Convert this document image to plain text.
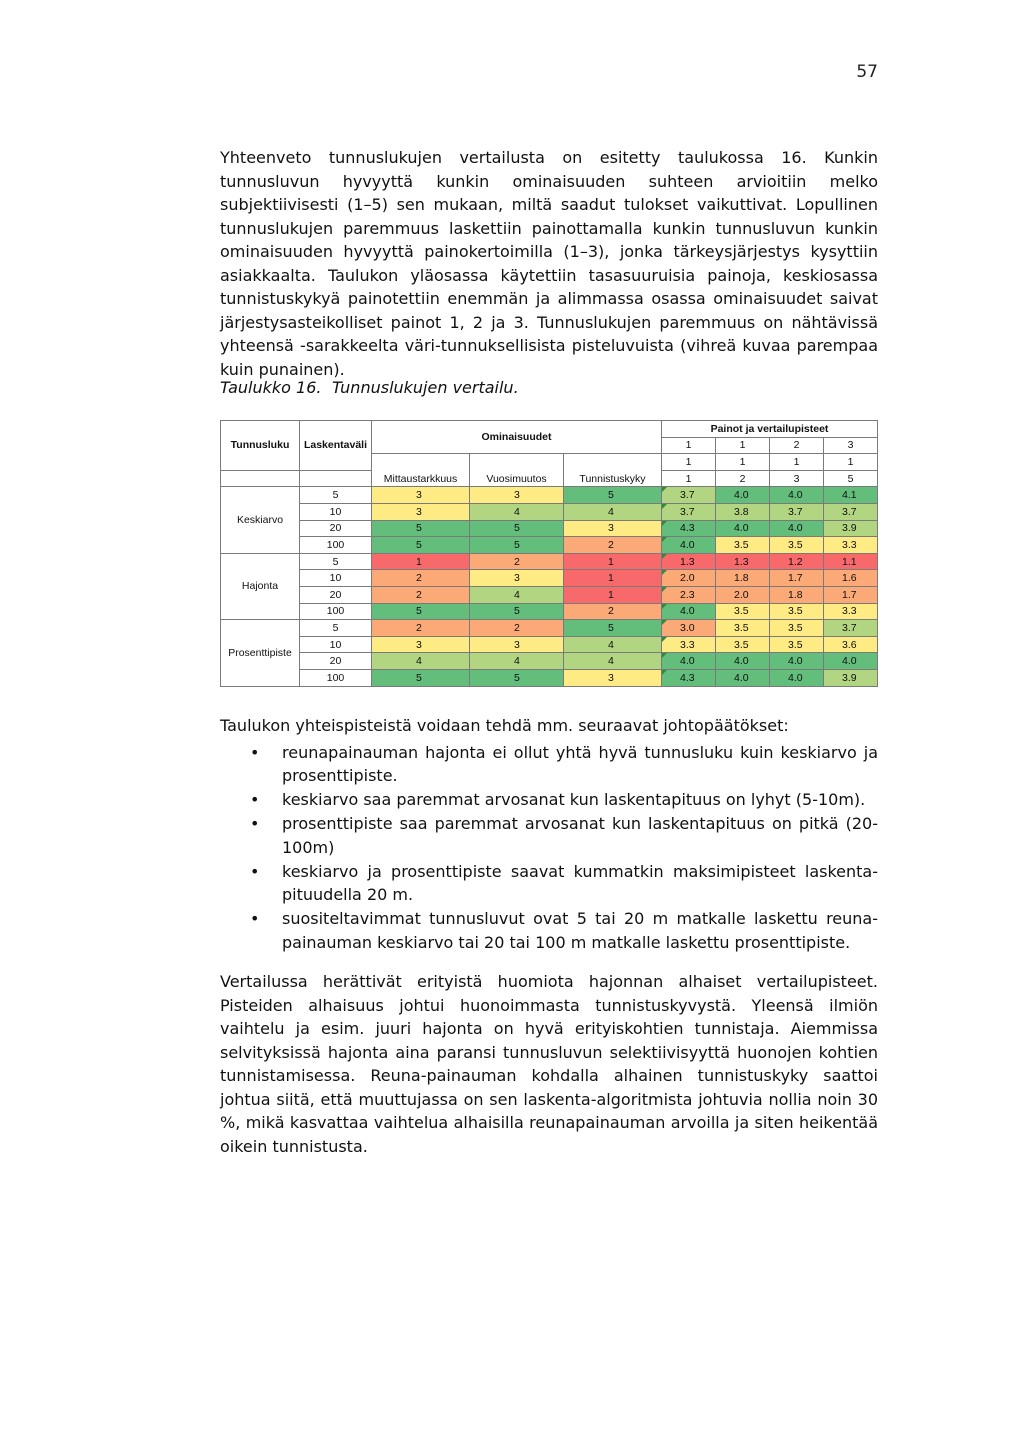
57

Yhteenveto tunnuslukujen vertailusta on esitetty taulukossa 16. Kunkin tunnusluvun hyvyyttä kunkin ominaisuuden suhteen arvioitiin melko subjektiivisesti (1–5) sen mukaan, miltä saadut tulokset vaikuttivat. Lopullinen tunnuslukujen paremmuus laskettiin painottamalla kunkin tunnusluvun kunkin ominaisuuden hyvyyttä painokertoimilla (1–3), jonka tärkeysjärjestys kysyttiin asiakkaalta. Taulukon yläosassa käytettiin tasasuuruisia painoja, keskiosassa tunnistuskykyä painotettiin enemmän ja alimmassa osassa ominaisuudet saivat järjestysasteikolliset painot 1, 2 ja 3. Tunnuslukujen paremmuus on nähtävissä yhteensä -sarakkeelta väri-tunnuksellisista pisteluvuista (vihreä kuvaa parempaa kuin punainen).

Taulukko 16. Tunnuslukujen vertailu.

Tunnusluku	Laskentaväli	Ominaisuudet			Painot ja vertailupisteet			
					1	1	2	3
					1	1	1	1
		Mittaustarkkuus	Vuosimuutos	Tunnistuskyky	1	2	3	5
Keskiarvo	5	3	3	5	3.7	4.0	4.0	4.1
	10	3	4	4	3.7	3.8	3.7	3.7
	20	5	5	3	4.3	4.0	4.0	3.9
	100	5	5	2	4.0	3.5	3.5	3.3
Hajonta	5	1	2	1	1.3	1.3	1.2	1.1
	10	2	3	1	2.0	1.8	1.7	1.6
	20	2	4	1	2.3	2.0	1.8	1.7
	100	5	5	2	4.0	3.5	3.5	3.3
Prosenttipiste	5	2	2	5	3.0	3.5	3.5	3.7
	10	3	3	4	3.3	3.5	3.5	3.6
	20	4	4	4	4.0	4.0	4.0	4.0
	100	5	5	3	4.3	4.0	4.0	3.9

Taulukon yhteispisteistä voidaan tehdä mm. seuraavat johtopäätökset:

• reunapainauman hajonta ei ollut yhtä hyvä tunnusluku kuin keskiarvo ja prosenttipiste.
• keskiarvo saa paremmat arvosanat kun laskentapituus on lyhyt (5-10m).
• prosenttipiste saa paremmat arvosanat kun laskentapituus on pitkä (20-100m)
• keskiarvo ja prosenttipiste saavat kummatkin maksimipisteet laskenta-pituudella 20 m.
• suositeltavimmat tunnusluvut ovat 5 tai 20 m matkalle laskettu reuna-painauman keskiarvo tai 20 tai 100 m matkalle laskettu prosenttipiste.

Vertailussa herättivät erityistä huomiota hajonnan alhaiset vertailupisteet. Pisteiden alhaisuus johtui huonoimmasta tunnistuskyvystä. Yleensä ilmiön vaihtelu ja esim. juuri hajonta on hyvä erityiskohtien tunnistaja. Aiemmissa selvityksissä hajonta aina paransi tunnusluvun selektiivisyyttä huonojen kohtien tunnistamisessa. Reuna-painauman kohdalla alhainen tunnistuskyky saattoi johtua siitä, että muuttujassa on sen laskenta-algoritmista johtuvia nollia noin 30 %, mikä kasvattaa vaihtelua alhaisilla reunapainauman arvoilla ja siten heikentää oikein tunnistusta.
